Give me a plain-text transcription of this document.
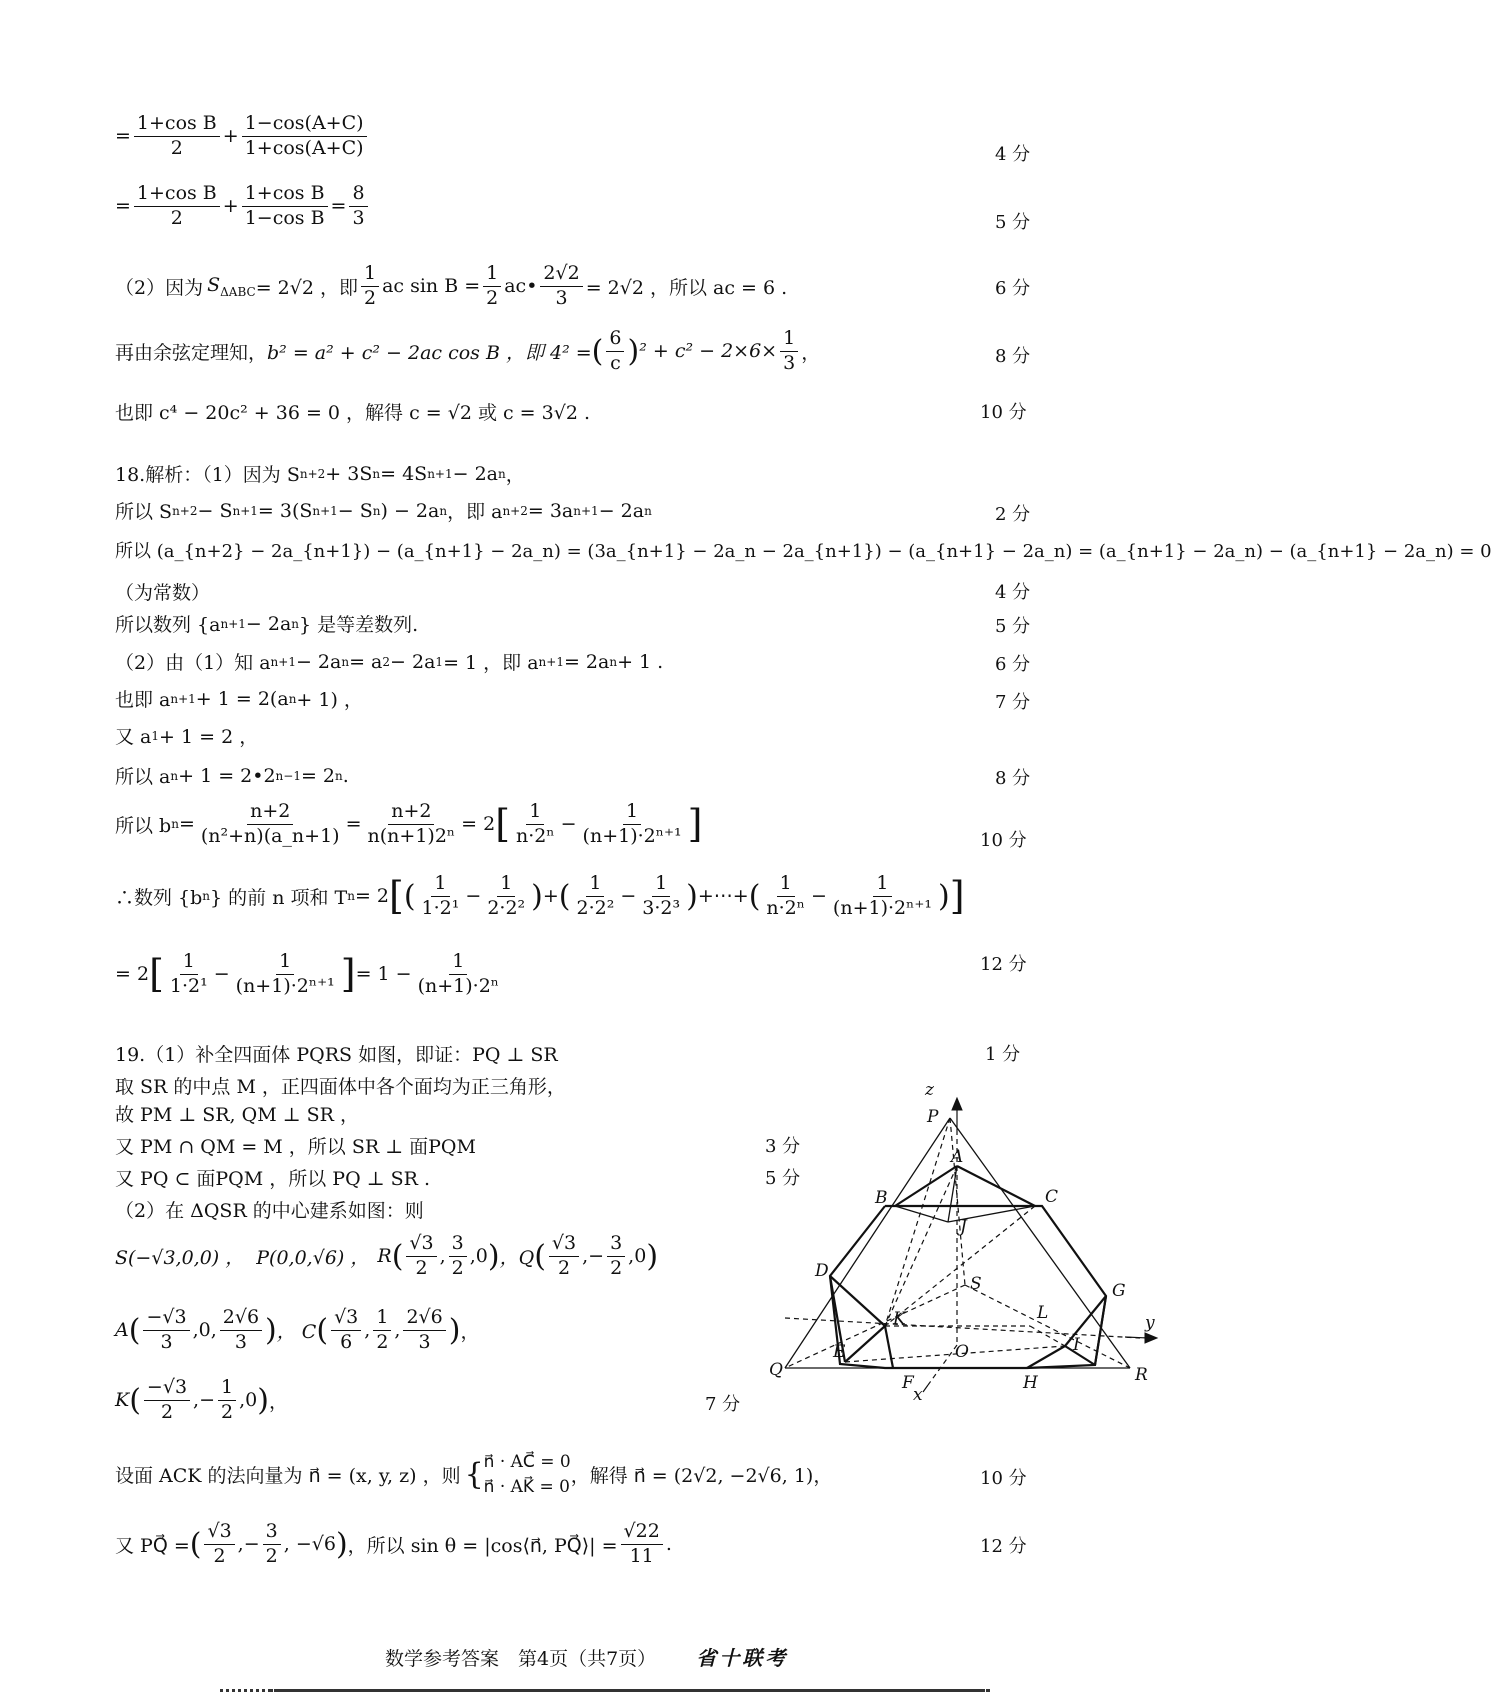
= $\frac{\text{1+cos B}}{2} + \frac{1-\cos(A+C)}{1+\cos(A+C)}$	4 分
= $\frac{\text{1+cos B}}{2} + \frac{\text{1+cos B}}{\text{1−cos B}} = \frac{8}{3}$	5 分
（2）因为 $S_{\Delta ABC} = 2√2$ ，即 $\frac{1}{2}$ ac $\sin B = \frac{1}{2}$ ac• $\frac{2√2}{3} = 2√2$ ，所以 ac = 6 .	6 分
再由余弦定理知， b² = a² + c² − 2ac cos B ，即 4² = ( $\frac{6}{c}$ ) $^2 + c^2 - 2\times 6\times \frac{1}{3}$ ，	8 分
也即 c⁴ − 20c² + 36 = 0 ，解得 c = √2 或 c = 3√2 .	10 分
18.解析：（1）因为 S n+2 + 3S n = 4S n+1 − 2a n ，
所以 S n+2 − S n+1 = 3(S n+1 − S n ) − 2a n ，即 a n+2 = 3a n+1 − 2a n	2 分
所以 (a_{n+2} − 2a_{n+1}) − (a_{n+1} − 2a_n) = (3a_{n+1} − 2a_n − 2a_{n+1}) − (a_{n+1} − 2a_n) = (a_{n+1} − 2a_n) − (a_{n+1} − 2a_n) = 0
（为常数）	4 分
所以数列 {a n+1 − 2a n } 是等差数列.	5 分
（2）由（1）知 a n+1 − 2a n = a 2 − 2a 1 = 1 ，即 a n+1 = 2a n + 1 .	6 分
也即 a n+1 + 1 = 2(a n + 1) ，	7 分
又 a 1 + 1 = 2 ，
所以 a n + 1 = 2•2 n−1 = 2 n .	8 分
所以 b $n = \frac{n+2}{\text{(n²+n)(a\_n+1)}} = \frac{n+2}{\text{n(n+1)2ⁿ}} = 2$ [ $\frac{1}{\text{n·2ⁿ}} - \frac{1}{\text{(n+1)·2ⁿ⁺¹}}$ ]	10 分
∴数列 {b n } 的前 n 项和 T n = 2 [ ( $\frac{1}{\text{1·2¹}} - \frac{1}{\text{2·2²}}$ ) + ( $\frac{1}{\text{2·2²}} - \frac{1}{\text{3·2³}}$ ) +⋯+ ( $\frac{1}{\text{n·2ⁿ}} - \frac{1}{\text{(n+1)·2ⁿ⁺¹}}$ ) ]
= 2 [ $\frac{1}{\text{1·2¹}} - \frac{1}{\text{(n+1)·2ⁿ⁺¹}}$ ] = $1 - \frac{1}{\text{(n+1)·2ⁿ}}$	12 分
19.（1）补全四面体 PQRS 如图，即证：PQ ⊥ SR	1 分
取 SR 的中点 M ，正四面体中各个面均为正三角形，
故 PM ⊥ SR, QM ⊥ SR ，
又 PM ∩ QM = M ，所以 SR ⊥ 面PQM	3 分
又 PQ ⊂ 面PQM ，所以 PQ ⊥ SR .	5 分
（2）在 ΔQSR 的中心建系如图：则
S(−√3,0,0) ， P(0,0,√6) ， R ( $\frac{√3}{2}$ , $\frac{3}{2} ,0$ ) ，Q ( $\frac{√3}{2}$ ,− $\frac{3}{2} ,0$ )
A ( $\frac{-√3}{3} ,0$, $\frac{2√6}{3}$ ) ， C ( $\frac{√3}{6}$ , $\frac{1}{2}$ , $\frac{2√6}{3}$ ) ，
K ( $\frac{-√3}{2}$ ,− $\frac{1}{2} ,0$ ) ，	7 分
设面 ACK 的法向量为 n⃗ = (x, y, z) ，则 { n⃗ · AC⃗ = 0
n⃗ · AK⃗ = 0 ，解得 n⃗ = (2√2, −2√6, 1)，	10 分
又 PQ⃗ = ( $\frac{√3}{2}$ ,− $\frac{3}{2}$ , −√6 ) ，所以 sin θ = |cos⟨n⃗, PQ⃗⟩| = $\frac{√22}{11}$ .	12 分
z
P
A
B	C
J
D
G
K
S
L
E	O	I
y
Q
F	H	R
x
数学参考答案　第4页（共7页） 省十联考
